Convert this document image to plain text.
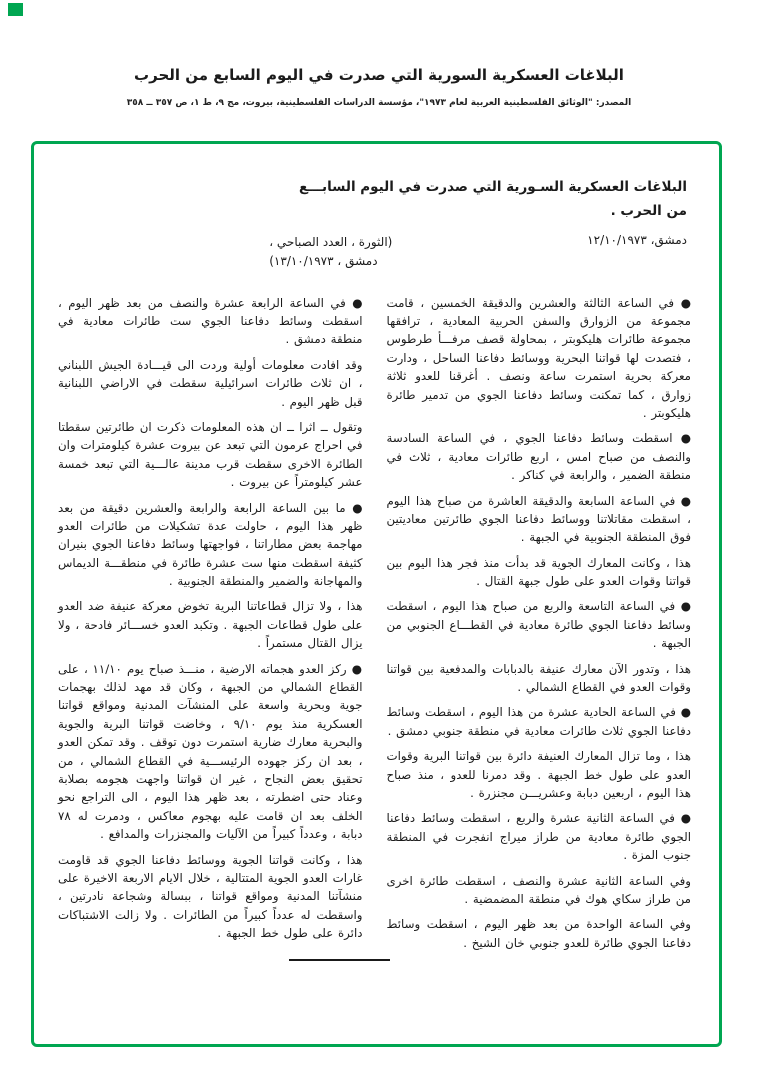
البلاغات العسكرية السورية التي صدرت في اليوم السابع من الحرب
المصدر: "الوثائق الفلسطينية العربية لعام ١٩٧٣"، مؤسسة الدراسات الفلسطينية، بيروت، مج ٩، ط ١، ص ٣٥٧ ــ ٣٥٨
البلاغات العسكرية السـورية التي صدرت في اليوم السابـــع
من الحرب .
دمشق، ١٢/١٠/١٩٧٣
(الثورة ، العدد الصباحي ،
دمشق ، ١٣/١٠/١٩٧٣)

● في الساعة الثالثة والعشرين والدقيقة الخمسين ، قامت مجموعة من الزوارق والسفن الحربية المعادية ، ترافقها مجموعة طائرات هليكوبتر ، بمحاولة قصف مرفـــأ طرطوس ، فتصدت لها قواتنا البحرية ووسائط دفاعنا الساحل ، ودارت معركة بحرية استمرت ساعة ونصف . أغرقنا للعدو ثلاثة زوارق ، كما تمكنت وسائط دفاعنا الجوي من تدمير طائرة هليكوبتر .

● اسقطت وسائط دفاعنا الجوي ، في الساعة السادسة والنصف من صباح امس ، اربع طائرات معادية ، ثلاث في منطقة الضمير ، والرابعة في كناكر .

● في الساعة السابعة والدقيقة العاشرة من صباح هذا اليوم ، اسقطت مقاتلاتنا ووسائط دفاعنا الجوي طائرتين معاديتين فوق المنطقة الجنوبية في الجبهة .

هذا ، وكانت المعارك الجوية قد بدأت منذ فجر هذا اليوم بين قواتنا وقوات العدو على طول جبهة القتال .

● في الساعة التاسعة والربع من صباح هذا اليوم ، اسقطت وسائط دفاعنا الجوي طائرة معادية في القطـــاع الجنوبي من الجبهة .

هذا ، وتدور الآن معارك عنيفة بالدبابات والمدفعية بين قواتنا وقوات العدو في القطاع الشمالي .

● في الساعة الحادية عشرة من هذا اليوم ، اسقطت وسائط دفاعنا الجوي ثلاث طائرات معادية في منطقة جنوبي دمشق .

هذا ، وما تزال المعارك العنيفة دائرة بين قواتنا البرية وقوات العدو على طول خط الجبهة . وقد دمرنا للعدو ، منذ صباح هذا اليوم ، اربعين دبابة وعشريـــن مجنزرة .

● في الساعة الثانية عشرة والربع ، اسقطت وسائط دفاعنا الجوي طائرة معادية من طراز ميراج انفجرت في المنطقة جنوب المزة .

وفي الساعة الثانية عشرة والنصف ، اسقطت طائرة اخرى من طراز سكاي هوك في منطقة المضمضية .

وفي الساعة الواحدة من بعد ظهر اليوم ، اسقطت وسائط دفاعنا الجوي طائرة للعدو جنوبي خان الشيخ .

● في الساعة الرابعة عشرة والنصف من بعد ظهر اليوم ، اسقطت وسائط دفاعنا الجوي ست طائرات معادية في منطقة دمشق .

وقد افادت معلومات أولية وردت الى قيـــادة الجيش اللبناني ، ان ثلاث طائرات اسرائيلية سقطت في الاراضي اللبنانية قبل ظهر اليوم .

وتقول ــ اثرا ــ ان هذه المعلومات ذكرت ان طائرتين سقطتا في احراج عرمون التي تبعد عن بيروت عشرة كيلومترات وان الطائرة الاخرى سقطت قرب مدينة عالـــية التي تبعد خمسة عشر كيلومتراً عن بيروت .

● ما بين الساعة الرابعة والرابعة والعشرين دقيقة من بعد ظهر هذا اليوم ، حاولت عدة تشكيلات من طائرات العدو مهاجمة بعض مطاراتنا ، فواجهتها وسائط دفاعنا الجوي بنيران كثيفة اسقطت منها ست عشرة طائرة في منطقـــة الديماس والمهاجانة والضمير والمنطقة الجنوبية .

هذا ، ولا تزال قطاعاتنا البرية تخوض معركة عنيفة ضد العدو على طول قطاعات الجبهة . وتكبد العدو خســـائر فادحة ، ولا يزال القتال مستمراً .

● ركز العدو هجماته الارضية ، منـــذ صباح يوم ١١/١٠ ، على القطاع الشمالي من الجبهة ، وكان قد مهد لذلك بهجمات جوية وبحرية واسعة على المنشآت المدنية ومواقع قواتنا العسكرية منذ يوم ٩/١٠ ، وخاضت قواتنا البرية والجوية والبحرية معارك ضارية استمرت دون توقف . وقد تمكن العدو ، بعد ان ركز جهوده الرئيســـية في القطاع الشمالي ، من تحقيق بعض النجاح ، غير ان قواتنا واجهت هجومه بصلابة وعناد حتى اضطرته ، بعد ظهر هذا اليوم ، الى التراجع نحو الخلف بعد ان قامت عليه بهجوم معاكس ، ودمرت له ٧٨ دبابة ، وعدداً كبيراً من الآليات والمجنزرات والمدافع .

هذا ، وكانت قواتنا الجوية ووسائط دفاعنا الجوي قد قاومت غارات العدو الجوية المتتالية ، خلال الايام الاربعة الاخيرة على منشآتنا المدنية ومواقع قواتنا ، ببسالة وشجاعة نادرتين ، واسقطت له عدداً كبيراً من الطائرات . ولا زالت الاشتباكات دائرة على طول خط الجبهة .
